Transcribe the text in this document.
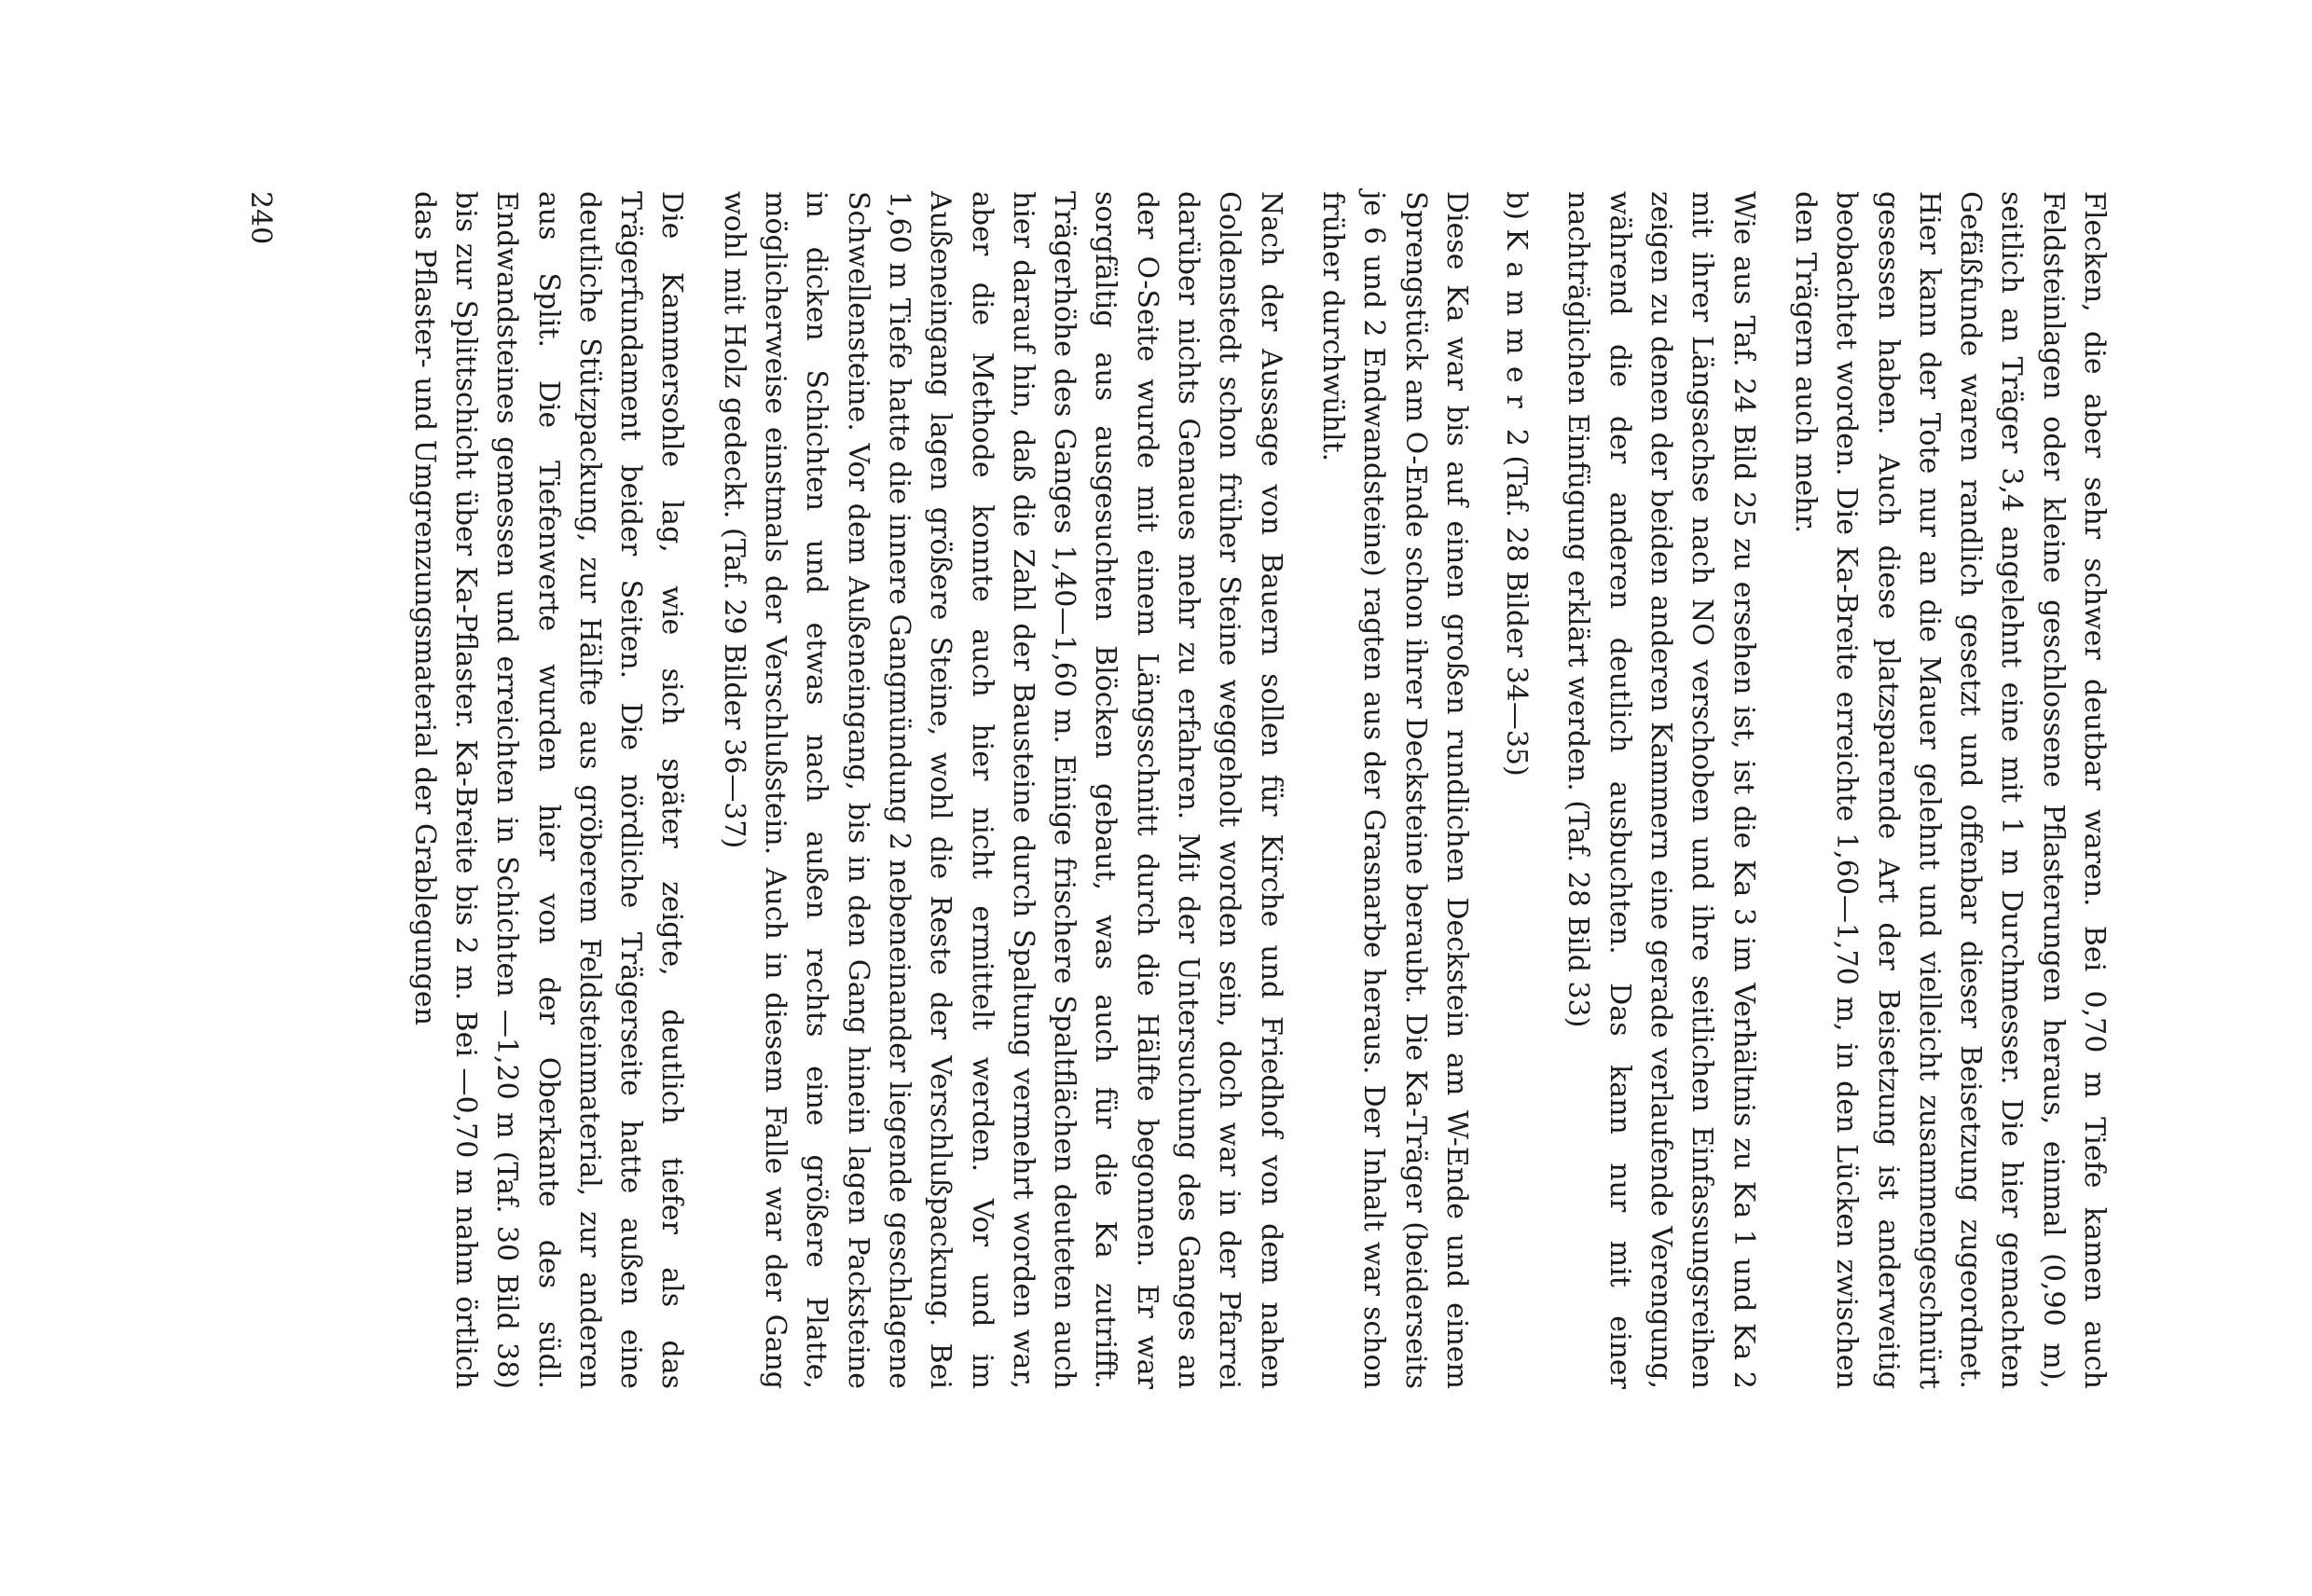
Flecken, die aber sehr schwer deutbar waren. Bei 0,70 m Tiefe kamen auch Feldsteinlagen oder kleine geschlossene Pflasterungen heraus, einmal (0,90 m), seitlich an Träger 3,4 angelehnt eine mit 1 m Durchmesser. Die hier gemachten Gefäßfunde waren randlich gesetzt und offenbar dieser Beisetzung zugeordnet. Hier kann der Tote nur an die Mauer gelehnt und vielleicht zusammengeschnürt gesessen haben. Auch diese platzsparende Art der Beisetzung ist anderweitig beobachtet worden. Die Ka-Breite erreichte 1,60—1,70 m, in den Lücken zwischen den Trägern auch mehr.

Wie aus Taf. 24 Bild 25 zu ersehen ist, ist die Ka 3 im Verhältnis zu Ka 1 und Ka 2 mit ihrer Längsachse nach NO verschoben und ihre seitlichen Einfassungsreihen zeigen zu denen der beiden anderen Kammern eine gerade verlaufende Verengung, während die der anderen deutlich ausbuchten. Das kann nur mit einer nachträglichen Einfügung erklärt werden. (Taf. 28 Bild 33)

b) Kammer 2 (Taf. 28 Bilder 34—35)

Diese Ka war bis auf einen großen rundlichen Deckstein am W-Ende und einem Sprengstück am O-Ende schon ihrer Decksteine beraubt. Die Ka-Träger (beiderseits je 6 und 2 Endwandsteine) ragten aus der Grasnarbe heraus. Der Inhalt war schon früher durchwühlt.

Nach der Aussage von Bauern sollen für Kirche und Friedhof von dem nahen Goldenstedt schon früher Steine weggeholt worden sein, doch war in der Pfarrei darüber nichts Genaues mehr zu erfahren. Mit der Untersuchung des Ganges an der O-Seite wurde mit einem Längsschnitt durch die Hälfte begonnen. Er war sorgfältig aus ausgesuchten Blöcken gebaut, was auch für die Ka zutrifft. Trägerhöhe des Ganges 1,40—1,60 m. Einige frischere Spaltflächen deuteten auch hier darauf hin, daß die Zahl der Bausteine durch Spaltung vermehrt worden war, aber die Methode konnte auch hier nicht ermittelt werden. Vor und im Außeneingang lagen größere Steine, wohl die Reste der Verschlußpackung. Bei 1,60 m Tiefe hatte die innere Gangmündung 2 nebeneinander liegende geschlagene Schwellensteine. Vor dem Außeneingang, bis in den Gang hinein lagen Packsteine in dicken Schichten und etwas nach außen rechts eine größere Platte, möglicherweise einstmals der Verschlußstein. Auch in diesem Falle war der Gang wohl mit Holz gedeckt. (Taf. 29 Bilder 36—37)

Die Kammersohle lag, wie sich später zeigte, deutlich tiefer als das Trägerfundament beider Seiten. Die nördliche Trägerseite hatte außen eine deutliche Stützpackung, zur Hälfte aus gröberem Feldsteinmaterial, zur anderen aus Split. Die Tiefenwerte wurden hier von der Oberkante des südl. Endwandsteines gemessen und erreichten in Schichten —1,20 m (Taf. 30 Bild 38) bis zur Splittschicht über Ka-Pflaster. Ka-Breite bis 2 m. Bei —0,70 m nahm örtlich das Pflaster- und Umgrenzungsmaterial der Grablegungen

240
